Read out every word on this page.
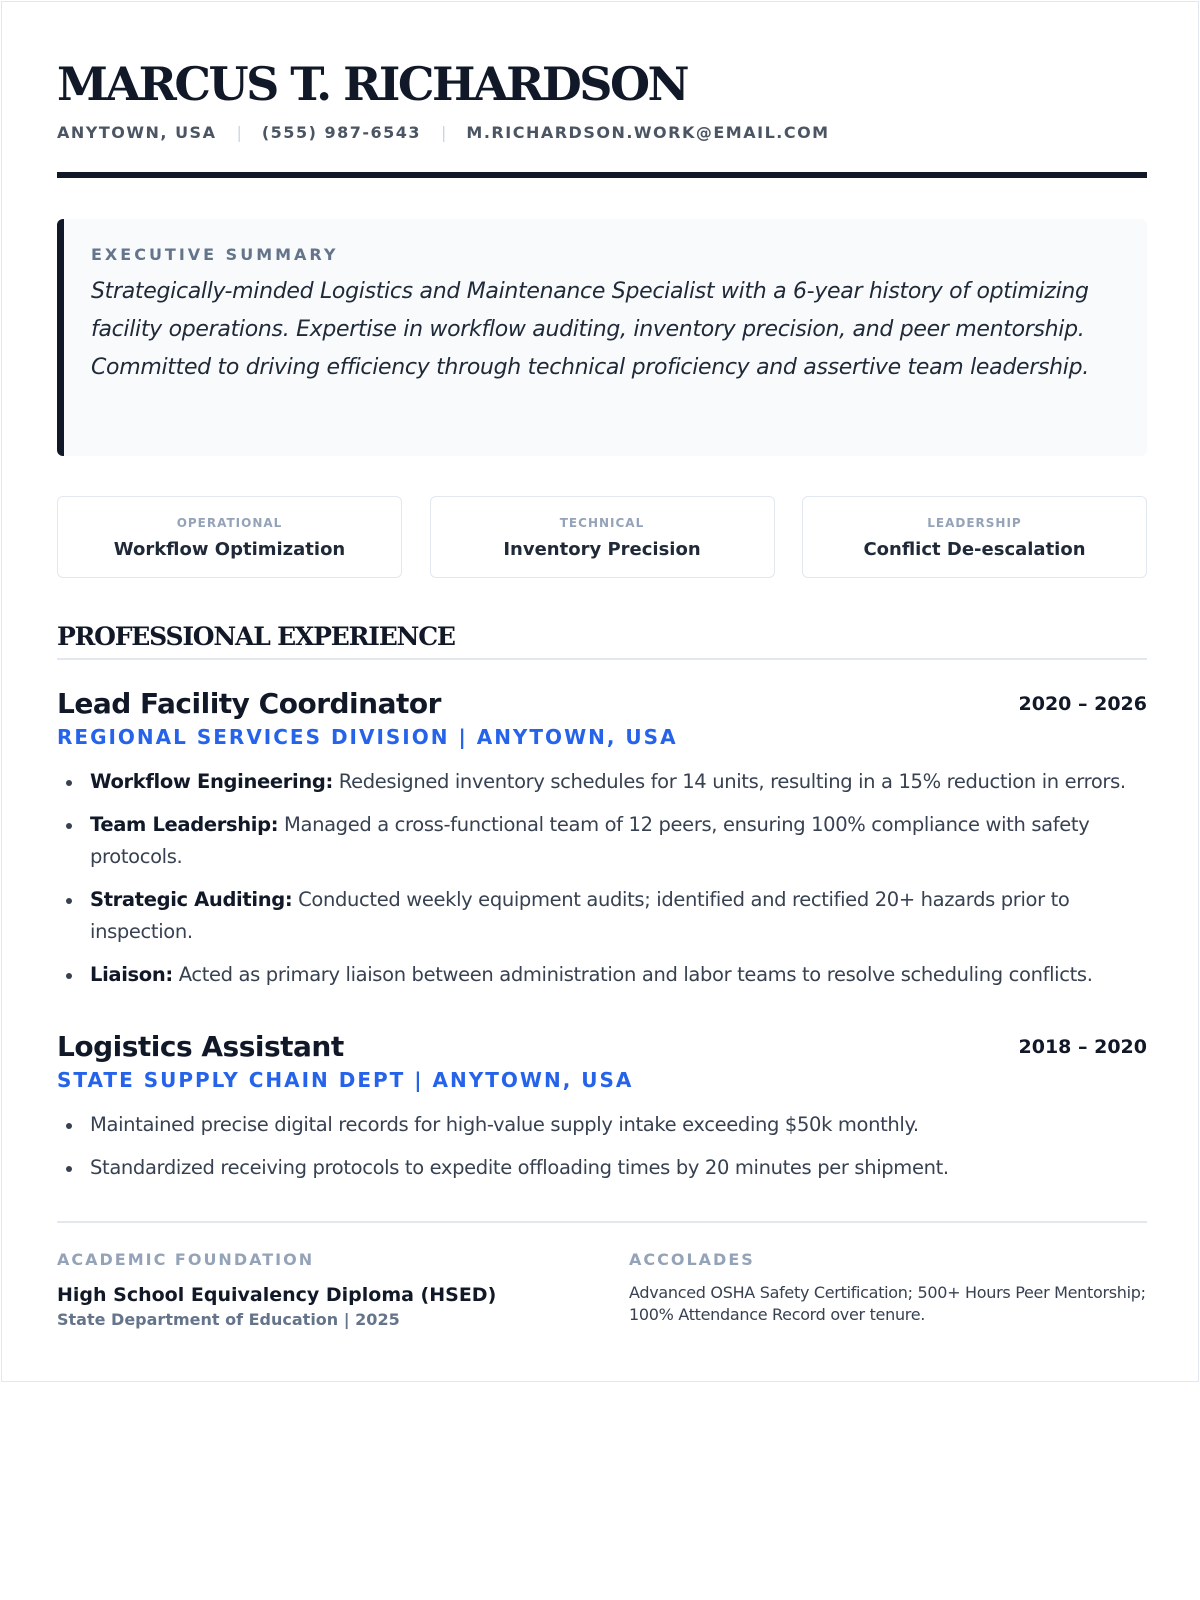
MARCUS T. RICHARDSON
ANYTOWN, USA | (555) 987-6543 | M.RICHARDSON.WORK@EMAIL.COM
EXECUTIVE SUMMARY
Strategically-minded Logistics and Maintenance Specialist with a 6-year history of optimizing facility operations. Expertise in workflow auditing, inventory precision, and peer mentorship. Committed to driving efficiency through technical proficiency and assertive team leadership.
OPERATIONAL
Workflow Optimization
TECHNICAL
Inventory Precision
LEADERSHIP
Conflict De-escalation
PROFESSIONAL EXPERIENCE
Lead Facility Coordinator	2020 – 2026
REGIONAL SERVICES DIVISION | ANYTOWN, USA
Workflow Engineering: Redesigned inventory schedules for 14 units, resulting in a 15% reduction in errors.
Team Leadership: Managed a cross-functional team of 12 peers, ensuring 100% compliance with safety protocols.
Strategic Auditing: Conducted weekly equipment audits; identified and rectified 20+ hazards prior to inspection.
Liaison: Acted as primary liaison between administration and labor teams to resolve scheduling conflicts.
Logistics Assistant	2018 – 2020
STATE SUPPLY CHAIN DEPT | ANYTOWN, USA
Maintained precise digital records for high-value supply intake exceeding $50k monthly.
Standardized receiving protocols to expedite offloading times by 20 minutes per shipment.
ACADEMIC FOUNDATION
High School Equivalency Diploma (HSED)
State Department of Education | 2025
ACCOLADES
Advanced OSHA Safety Certification; 500+ Hours Peer Mentorship; 100% Attendance Record over tenure.
